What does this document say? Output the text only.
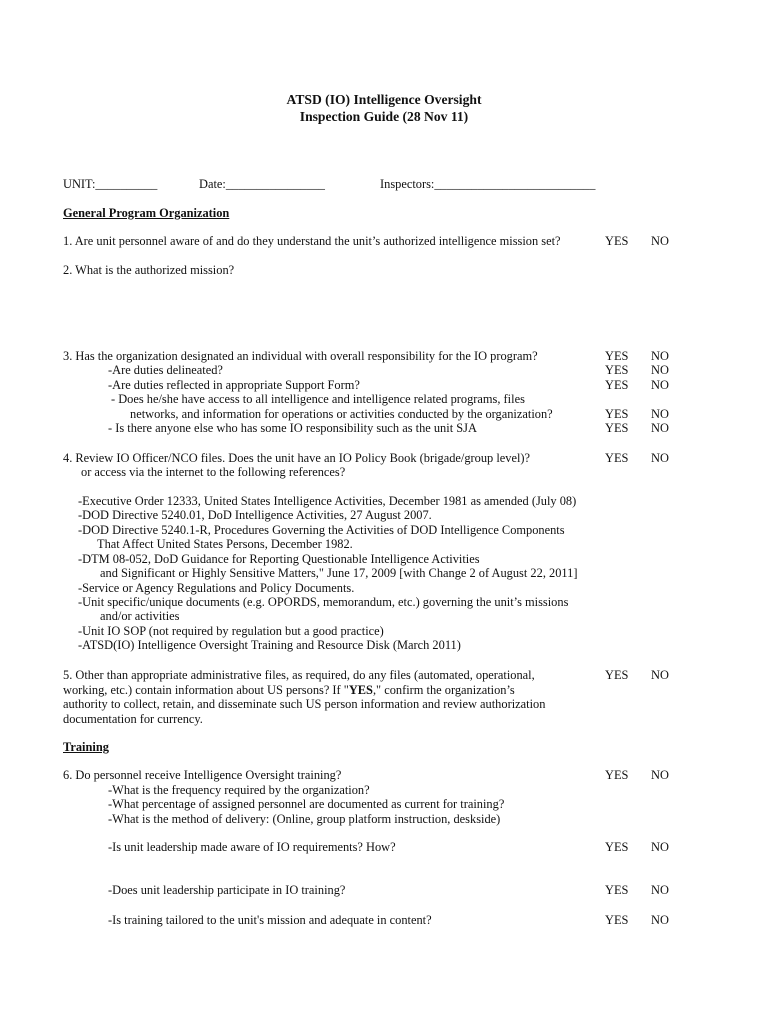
ATSD (IO) Intelligence Oversight
Inspection Guide (28 Nov 11)
UNIT:__________	Date:________________	Inspectors:__________________________
General Program Organization
1. Are unit personnel aware of and do they understand the unit’s authorized intelligence mission set?	YES NO
2. What is the authorized mission?
3. Has the organization designated an individual with overall responsibility for the IO program?	YES NO
-Are duties delineated?	YES NO
-Are duties reflected in appropriate Support Form?	YES NO
- Does he/she have access to all intelligence and intelligence related programs, files
networks, and information for operations or activities conducted by the organization?	YES NO
- Is there anyone else who has some IO responsibility such as the unit SJA	YES NO
4. Review IO Officer/NCO files. Does the unit have an IO Policy Book (brigade/group level)?	YES NO
or access via the internet to the following references?
-Executive Order 12333, United States Intelligence Activities, December 1981 as amended (July 08)
-DOD Directive 5240.01, DoD Intelligence Activities, 27 August 2007.
-DOD Directive 5240.1-R, Procedures Governing the Activities of DOD Intelligence Components
That Affect United States Persons, December 1982.
-DTM 08-052, DoD Guidance for Reporting Questionable Intelligence Activities
and Significant or Highly Sensitive Matters," June 17, 2009 [with Change 2 of August 22, 2011]
-Service or Agency Regulations and Policy Documents.
-Unit specific/unique documents (e.g. OPORDS, memorandum, etc.) governing the unit’s missions
and/or activities
-Unit IO SOP (not required by regulation but a good practice)
-ATSD(IO) Intelligence Oversight Training and Resource Disk (March 2011)
5. Other than appropriate administrative files, as required, do any files (automated, operational,	YES NO
working, etc.) contain information about US persons? If "YES," confirm the organization’s
authority to collect, retain, and disseminate such US person information and review authorization
documentation for currency.
Training
6. Do personnel receive Intelligence Oversight training?	YES NO
-What is the frequency required by the organization?
-What percentage of assigned personnel are documented as current for training?
-What is the method of delivery: (Online, group platform instruction, deskside)
-Is unit leadership made aware of IO requirements? How?	YES NO
-Does unit leadership participate in IO training?	YES NO
-Is training tailored to the unit's mission and adequate in content?	YES NO
